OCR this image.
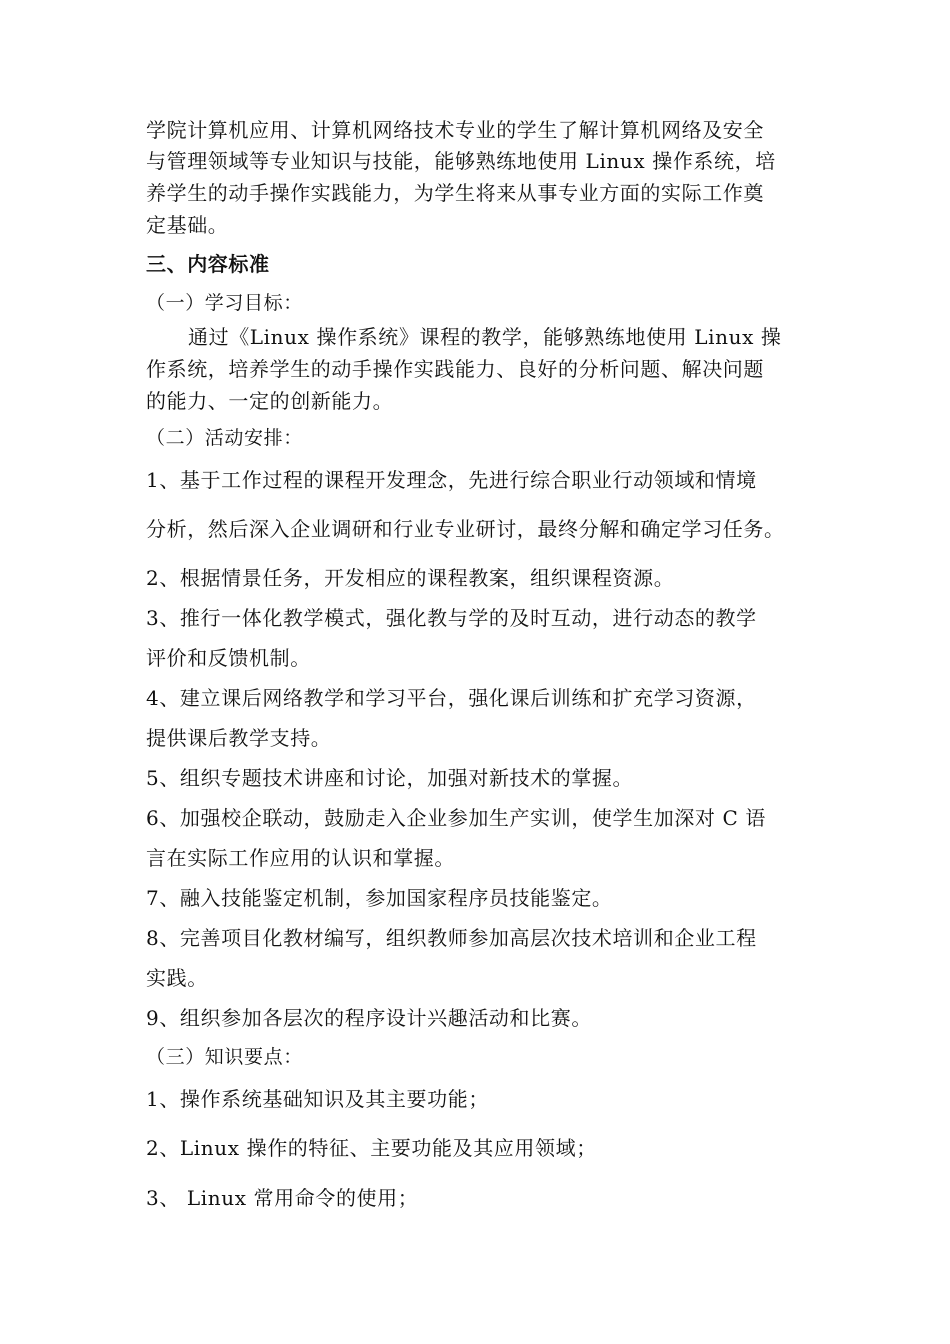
学院计算机应用、计算机网络技术专业的学生了解计算机网络及安全
与管理领域等专业知识与技能，能够熟练地使用 Linux 操作系统，培
养学生的动手操作实践能力，为学生将来从事专业方面的实际工作奠
定基础。
三、内容标准
（一）学习目标：
通过《Linux 操作系统》课程的教学，能够熟练地使用 Linux 操
作系统，培养学生的动手操作实践能力、良好的分析问题、解决问题
的能力、一定的创新能力。
（二）活动安排：
1、基于工作过程的课程开发理念，先进行综合职业行动领域和情境
分析，然后深入企业调研和行业专业研讨，最终分解和确定学习任务。
2、根据情景任务，开发相应的课程教案，组织课程资源。
3、推行一体化教学模式，强化教与学的及时互动，进行动态的教学
评价和反馈机制。
4、建立课后网络教学和学习平台，强化课后训练和扩充学习资源，
提供课后教学支持。
5、组织专题技术讲座和讨论，加强对新技术的掌握。
6、加强校企联动，鼓励走入企业参加生产实训，使学生加深对 C 语
言在实际工作应用的认识和掌握。
7、融入技能鉴定机制，参加国家程序员技能鉴定。
8、完善项目化教材编写，组织教师参加高层次技术培训和企业工程
实践。
9、组织参加各层次的程序设计兴趣活动和比赛。
（三）知识要点：
1、操作系统基础知识及其主要功能；
2、Linux 操作的特征、主要功能及其应用领域；
3、 Linux 常用命令的使用；
